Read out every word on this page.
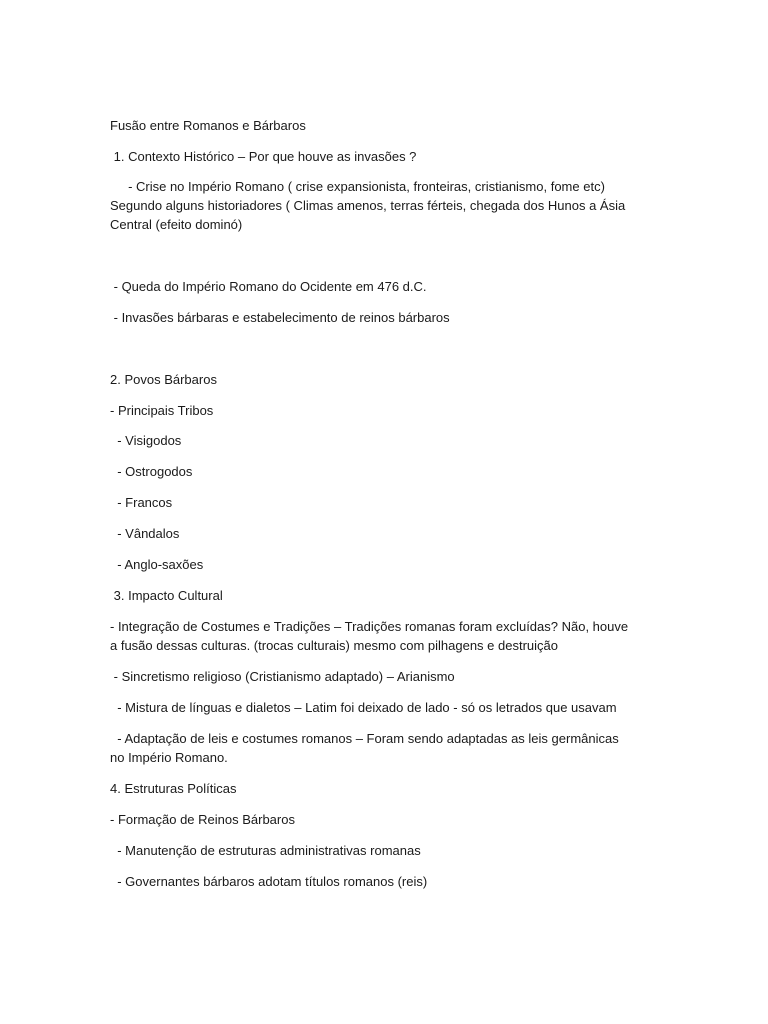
Fusão entre Romanos e Bárbaros
1. Contexto Histórico – Por que houve as invasões ?
- Crise no Império Romano ( crise expansionista, fronteiras, cristianismo, fome etc) Segundo alguns historiadores ( Climas amenos, terras férteis, chegada dos Hunos a Ásia Central (efeito dominó)
- Queda do Império Romano do Ocidente em 476 d.C.
- Invasões bárbaras e estabelecimento de reinos bárbaros
2. Povos Bárbaros
- Principais Tribos
- Visigodos
- Ostrogodos
- Francos
- Vândalos
- Anglo-saxões
3. Impacto Cultural
- Integração de Costumes e Tradições – Tradições romanas foram excluídas? Não, houve a fusão dessas culturas. (trocas culturais) mesmo com pilhagens e destruição
- Sincretismo religioso (Cristianismo adaptado) – Arianismo
- Mistura de línguas e dialetos – Latim foi deixado de lado - só os letrados que usavam
- Adaptação de leis e costumes romanos – Foram sendo adaptadas as leis germânicas no Império Romano.
4. Estruturas Políticas
- Formação de Reinos Bárbaros
- Manutenção de estruturas administrativas romanas
- Governantes bárbaros adotam títulos romanos (reis)
